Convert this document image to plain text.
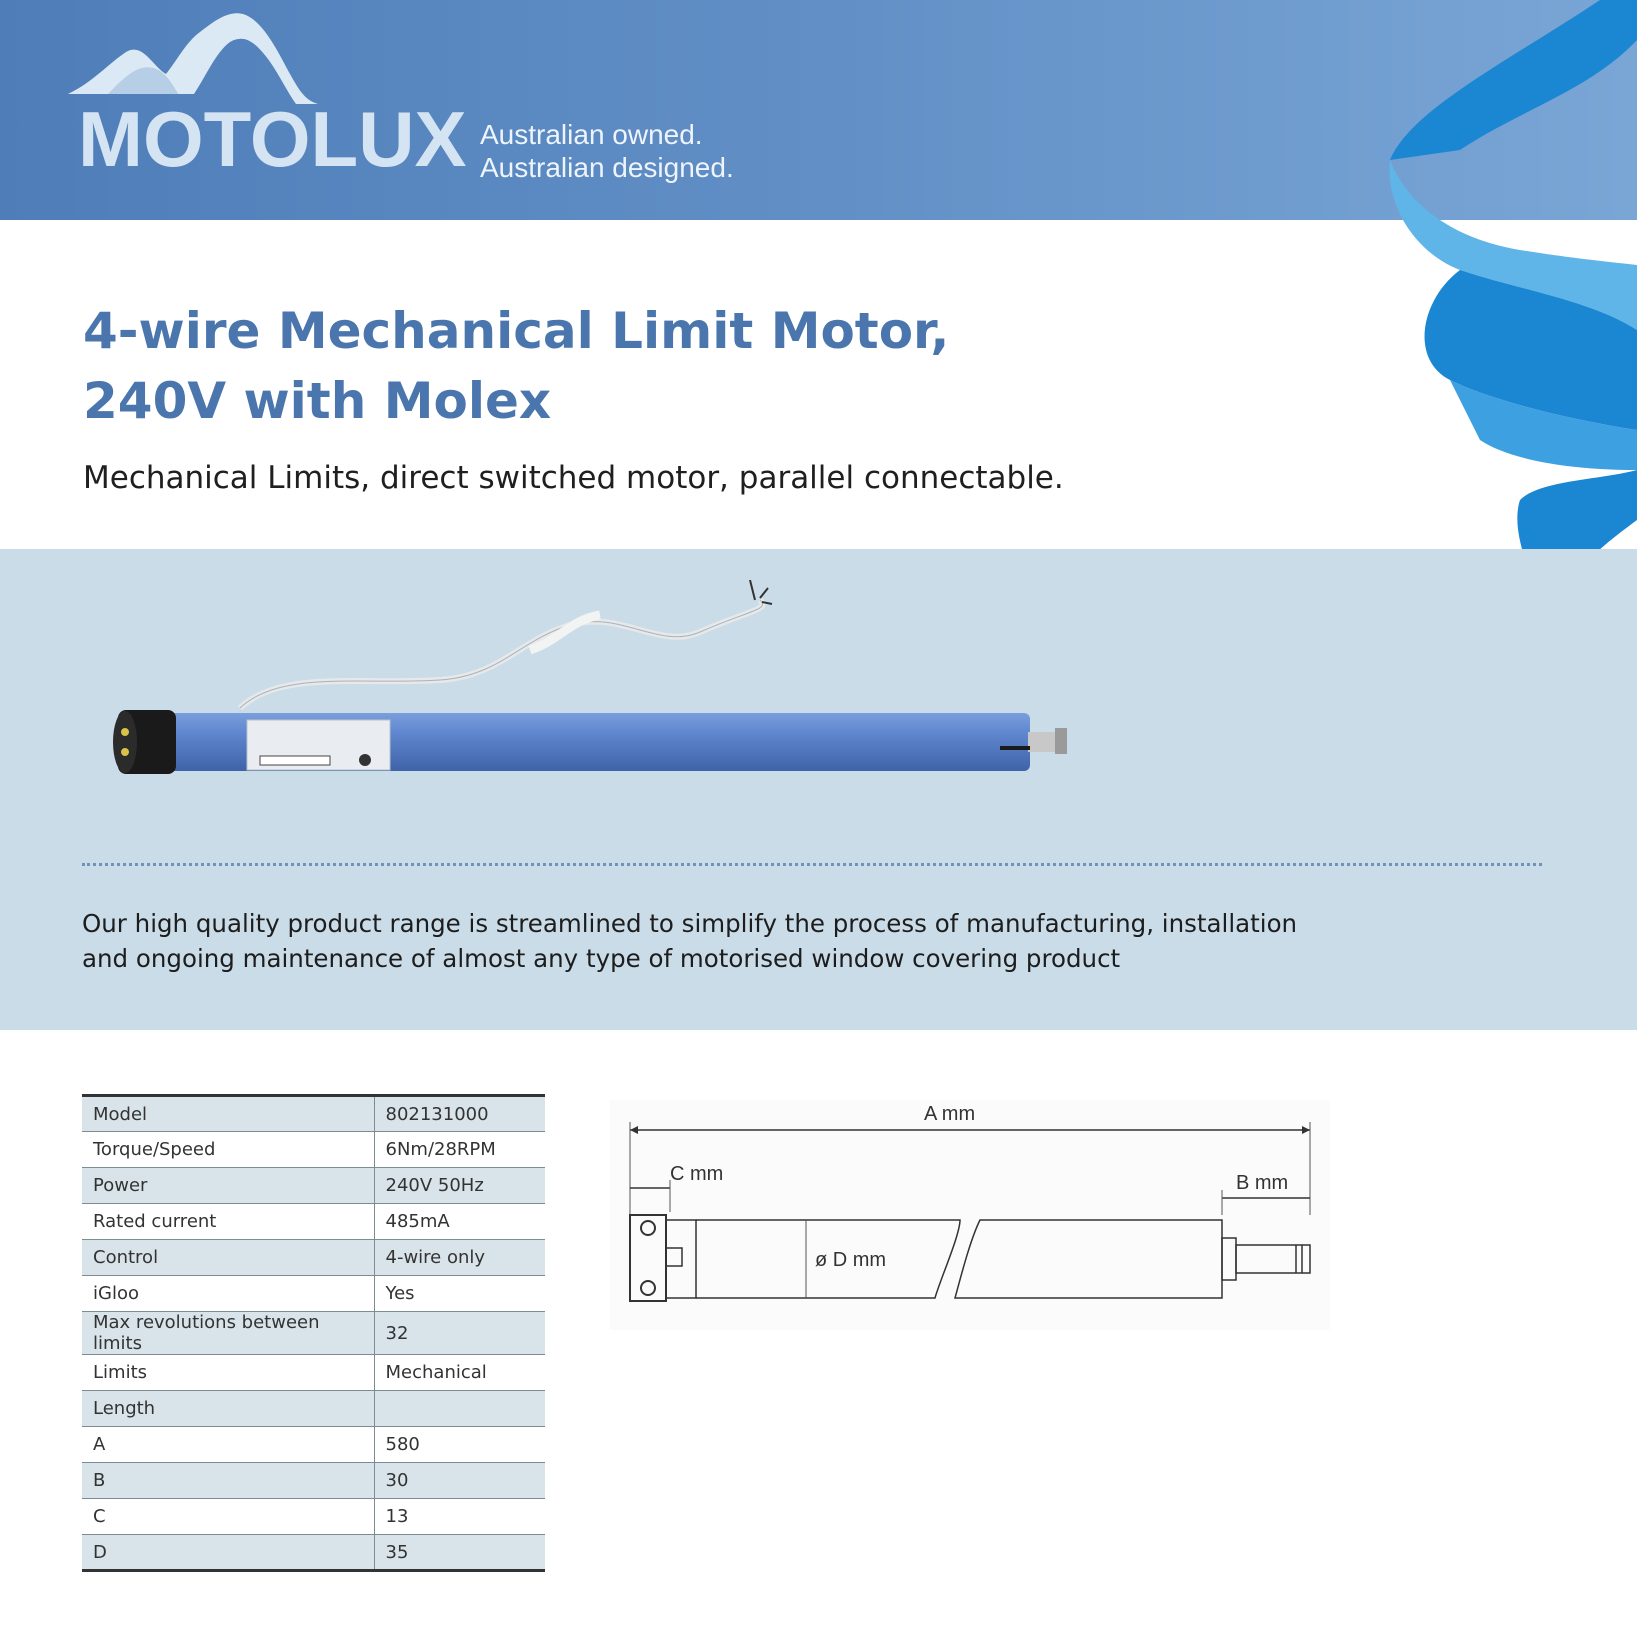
MOTOLUX Australian owned.
Australian designed.
4-wire Mechanical Limit Motor,
240V with Molex

Mechanical Limits, direct switched motor, parallel connectable.

Our high quality product range is streamlined to simplify the process of manufacturing, installation
and ongoing maintenance of almost any type of motorised window covering product
Model	802131000
Torque/Speed	6Nm/28RPM
Power	240V 50Hz
Rated current	485mA
Control	4-wire only
iGloo	Yes
Max revolutions between limits	32
Limits	Mechanical
Length	
A	580
B	30
C	13
D	35
A mm
C mm	B mm
ø D mm
